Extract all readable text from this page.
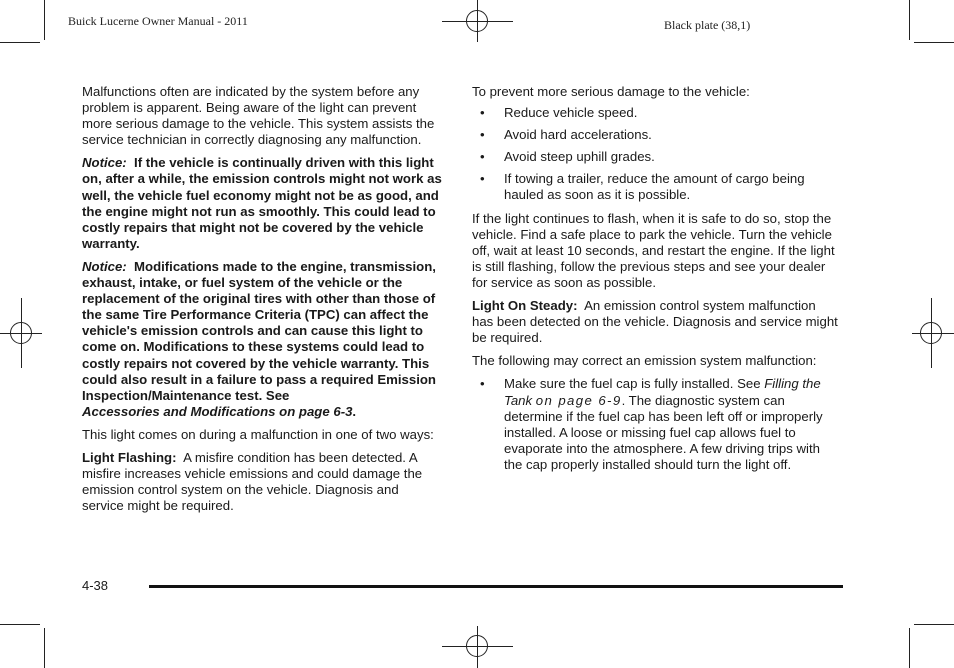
Buick Lucerne Owner Manual - 2011	Black plate (38,1)

Malfunctions often are indicated by the system before any problem is apparent. Being aware of the light can prevent more serious damage to the vehicle. This system assists the service technician in correctly diagnosing any malfunction.

Notice: If the vehicle is continually driven with this light on, after a while, the emission controls might not work as well, the vehicle fuel economy might not be as good, and the engine might not run as smoothly. This could lead to costly repairs that might not be covered by the vehicle warranty.

Notice: Modifications made to the engine, transmission, exhaust, intake, or fuel system of the vehicle or the replacement of the original tires with other than those of the same Tire Performance Criteria (TPC) can affect the vehicle's emission controls and can cause this light to come on. Modifications to these systems could lead to costly repairs not covered by the vehicle warranty. This could also result in a failure to pass a required Emission Inspection/Maintenance test. See
Accessories and Modifications on page 6-3.

This light comes on during a malfunction in one of two ways:

Light Flashing: A misfire condition has been detected. A misfire increases vehicle emissions and could damage the emission control system on the vehicle. Diagnosis and service might be required.

To prevent more serious damage to the vehicle:

• Reduce vehicle speed.
• Avoid hard accelerations.
• Avoid steep uphill grades.
• If towing a trailer, reduce the amount of cargo being hauled as soon as it is possible.

If the light continues to flash, when it is safe to do so, stop the vehicle. Find a safe place to park the vehicle. Turn the vehicle off, wait at least 10 seconds, and restart the engine. If the light is still flashing, follow the previous steps and see your dealer for service as soon as possible.

Light On Steady: An emission control system malfunction has been detected on the vehicle. Diagnosis and service might be required.

The following may correct an emission system malfunction:

• Make sure the fuel cap is fully installed. See Filling the Tank on page 6-9. The diagnostic system can determine if the fuel cap has been left off or improperly installed. A loose or missing fuel cap allows fuel to evaporate into the atmosphere. A few driving trips with the cap properly installed should turn the light off.
4-38
